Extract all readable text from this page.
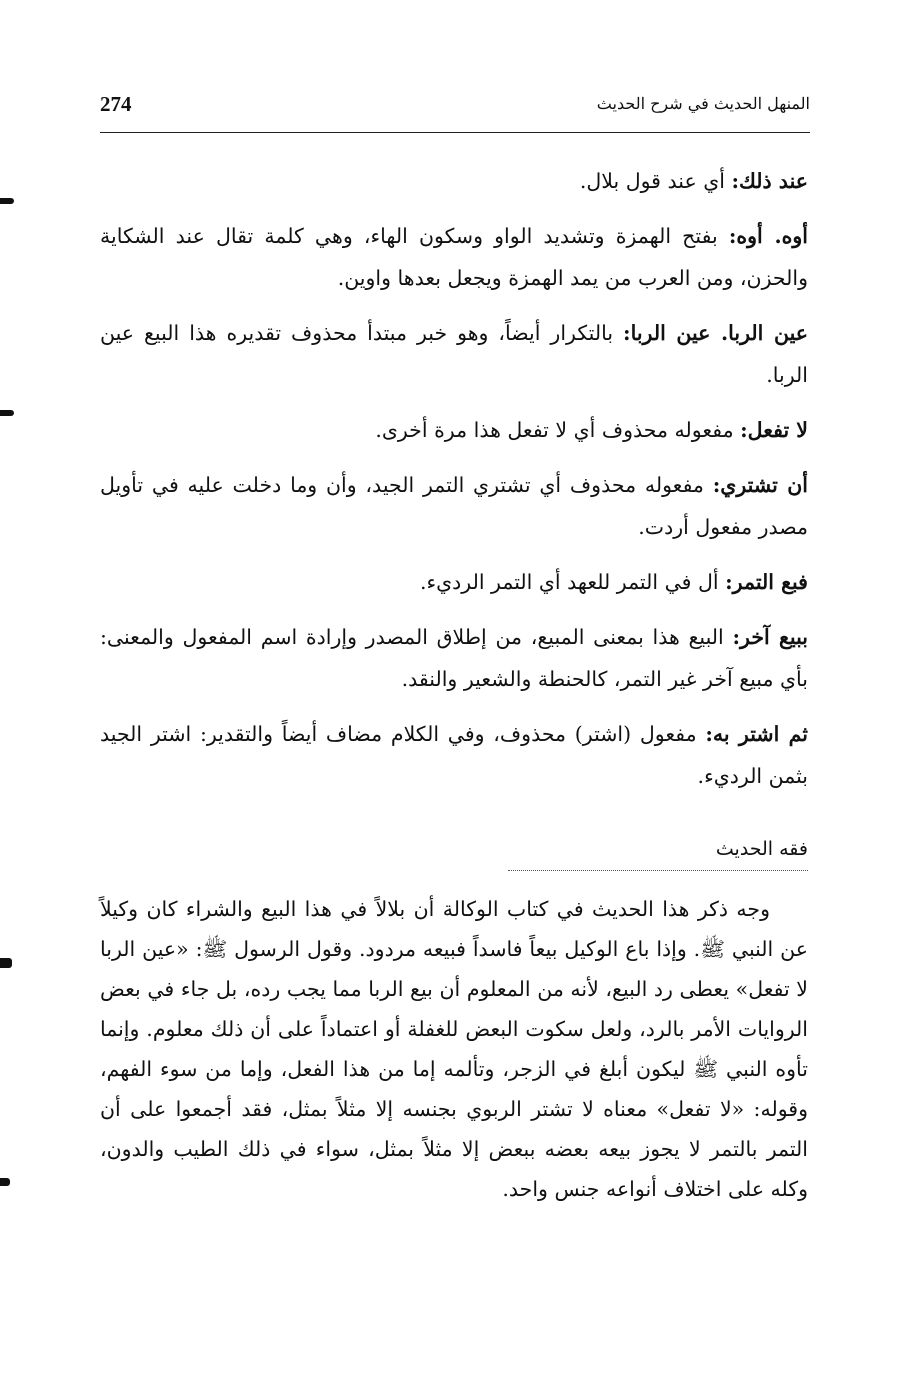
274	المنهل الحديث في شرح الحديث

عند ذلك: أي عند قول بلال.

أوه. أوه: بفتح الهمزة وتشديد الواو وسكون الهاء، وهي كلمة تقال عند الشكاية والحزن، ومن العرب من يمد الهمزة ويجعل بعدها واوين.

عين الربا. عين الربا: بالتكرار أيضاً، وهو خبر مبتدأ محذوف تقديره هذا البيع عين الربا.

لا تفعل: مفعوله محذوف أي لا تفعل هذا مرة أخرى.

أن تشتري: مفعوله محذوف أي تشتري التمر الجيد، وأن وما دخلت عليه في تأويل مصدر مفعول أردت.

فبع التمر: أل في التمر للعهد أي التمر الرديء.

ببيع آخر: البيع هذا بمعنى المبيع، من إطلاق المصدر وإرادة اسم المفعول والمعنى: بأي مبيع آخر غير التمر، كالحنطة والشعير والنقد.

ثم اشتر به: مفعول (اشتر) محذوف، وفي الكلام مضاف أيضاً والتقدير: اشتر الجيد بثمن الرديء.

فقه الحديث

وجه ذكر هذا الحديث في كتاب الوكالة أن بلالاً في هذا البيع والشراء كان وكيلاً عن النبي ﷺ. وإذا باع الوكيل بيعاً فاسداً فبيعه مردود. وقول الرسول ﷺ: «عين الربا لا تفعل» يعطى رد البيع، لأنه من المعلوم أن بيع الربا مما يجب رده، بل جاء في بعض الروايات الأمر بالرد، ولعل سكوت البعض للغفلة أو اعتماداً على أن ذلك معلوم. وإنما تأوه النبي ﷺ ليكون أبلغ في الزجر، وتألمه إما من هذا الفعل، وإما من سوء الفهم، وقوله: «لا تفعل» معناه لا تشتر الربوي بجنسه إلا مثلاً بمثل، فقد أجمعوا على أن التمر بالتمر لا يجوز بيعه بعضه ببعض إلا مثلاً بمثل، سواء في ذلك الطيب والدون، وكله على اختلاف أنواعه جنس واحد.
